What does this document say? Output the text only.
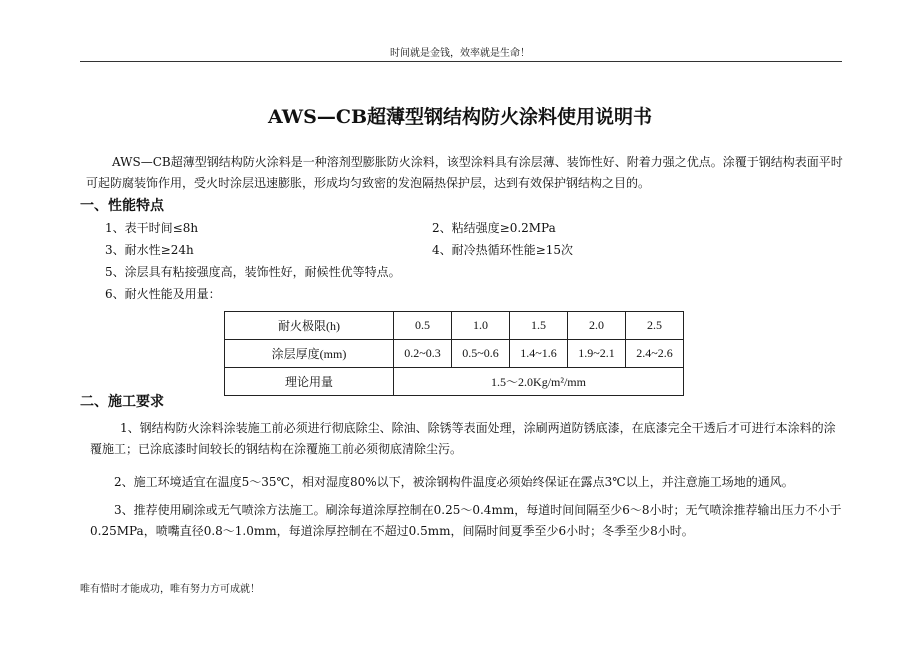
时间就是金钱，效率就是生命！
AWS—CB超薄型钢结构防火涂料使用说明书
AWS—CB超薄型钢结构防火涂料是一种溶剂型膨胀防火涂料，该型涂料具有涂层薄、装饰性好、附着力强之优点。涂覆于钢结构表面平时可起防腐装饰作用，受火时涂层迅速膨胀，形成均匀致密的发泡隔热保护层，达到有效保护钢结构之目的。
一、性能特点
1、表干时间≤8h	2、粘结强度≥0.2MPa
3、耐水性≥24h	4、耐冷热循环性能≥15次
5、涂层具有粘接强度高，装饰性好，耐候性优等特点。
6、耐火性能及用量：
耐火极限(h)	0.5	1.0	1.5	2.0	2.5
涂层厚度(mm)	0.2~0.3	0.5~0.6	1.4~1.6	1.9~2.1	2.4~2.6
理论用量	1.5～2.0Kg/m²/mm				
二、施工要求
1、钢结构防火涂料涂装施工前必须进行彻底除尘、除油、除锈等表面处理，涂刷两道防锈底漆，在底漆完全干透后才可进行本涂料的涂覆施工；已涂底漆时间较长的钢结构在涂覆施工前必须彻底清除尘污。
2、施工环境适宜在温度5～35℃，相对湿度80%以下，被涂钢构件温度必须始终保证在露点3℃以上，并注意施工场地的通风。
3、推荐使用刷涂或无气喷涂方法施工。刷涂每道涂厚控制在0.25～0.4mm，每道时间间隔至少6～8小时；无气喷涂推荐输出压力不小于0.25MPa，喷嘴直径0.8～1.0mm，每道涂厚控制在不超过0.5mm，间隔时间夏季至少6小时；冬季至少8小时。
唯有惜时才能成功，唯有努力方可成就！
